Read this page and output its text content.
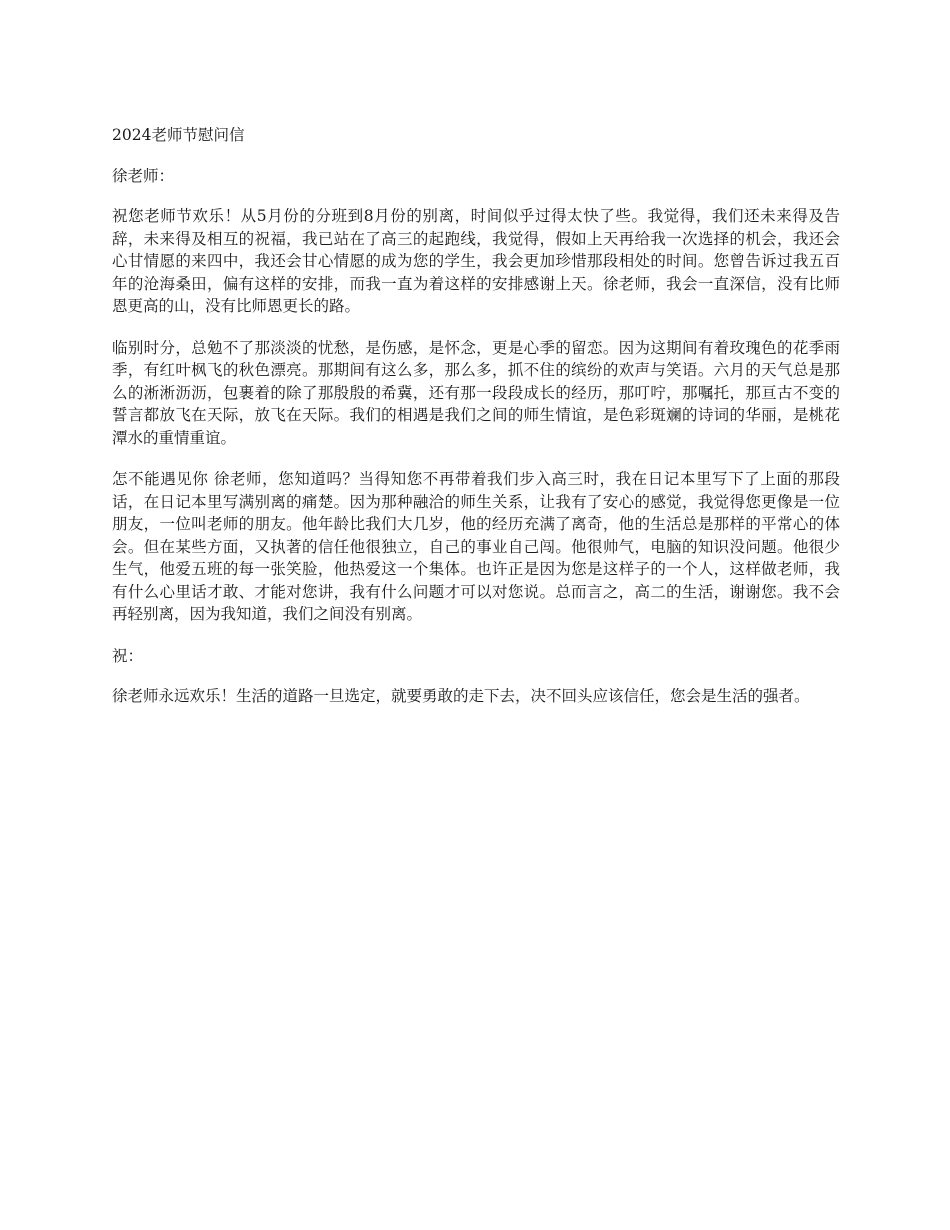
2024老师节慰问信

徐老师：

祝您老师节欢乐！从5月份的分班到8月份的别离，时间似乎过得太快了些。我觉得，我们还未来得及告辞，未来得及相互的祝福，我已站在了高三的起跑线，我觉得，假如上天再给我一次选择的机会，我还会心甘情愿的来四中，我还会甘心情愿的成为您的学生，我会更加珍惜那段相处的时间。您曾告诉过我五百年的沧海桑田，偏有这样的安排，而我一直为着这样的安排感谢上天。徐老师，我会一直深信，没有比师恩更高的山，没有比师恩更长的路。

临别时分，总勉不了那淡淡的忧愁，是伤感，是怀念，更是心季的留恋。因为这期间有着玫瑰色的花季雨季，有红叶枫飞的秋色漂亮。那期间有这么多，那么多，抓不住的缤纷的欢声与笑语。六月的天气总是那么的淅淅沥沥，包裹着的除了那殷殷的希冀，还有那一段段成长的经历，那叮咛，那嘱托，那亘古不变的誓言都放飞在天际，放飞在天际。我们的相遇是我们之间的师生情谊，是色彩斑斓的诗词的华丽，是桃花潭水的重情重谊。

怎不能遇见你 徐老师，您知道吗？当得知您不再带着我们步入高三时，我在日记本里写下了上面的那段话，在日记本里写满别离的痛楚。因为那种融洽的师生关系，让我有了安心的感觉，我觉得您更像是一位朋友，一位叫老师的朋友。他年龄比我们大几岁，他的经历充满了离奇，他的生活总是那样的平常心的体会。但在某些方面，又执著的信任他很独立，自己的事业自己闯。他很帅气，电脑的知识没问题。他很少生气，他爱五班的每一张笑脸，他热爱这一个集体。也许正是因为您是这样子的一个人，这样做老师，我有什么心里话才敢、才能对您讲，我有什么问题才可以对您说。总而言之，高二的生活，谢谢您。我不会再轻别离，因为我知道，我们之间没有别离。

祝：

徐老师永远欢乐！生活的道路一旦选定，就要勇敢的走下去，决不回头应该信任，您会是生活的强者。
